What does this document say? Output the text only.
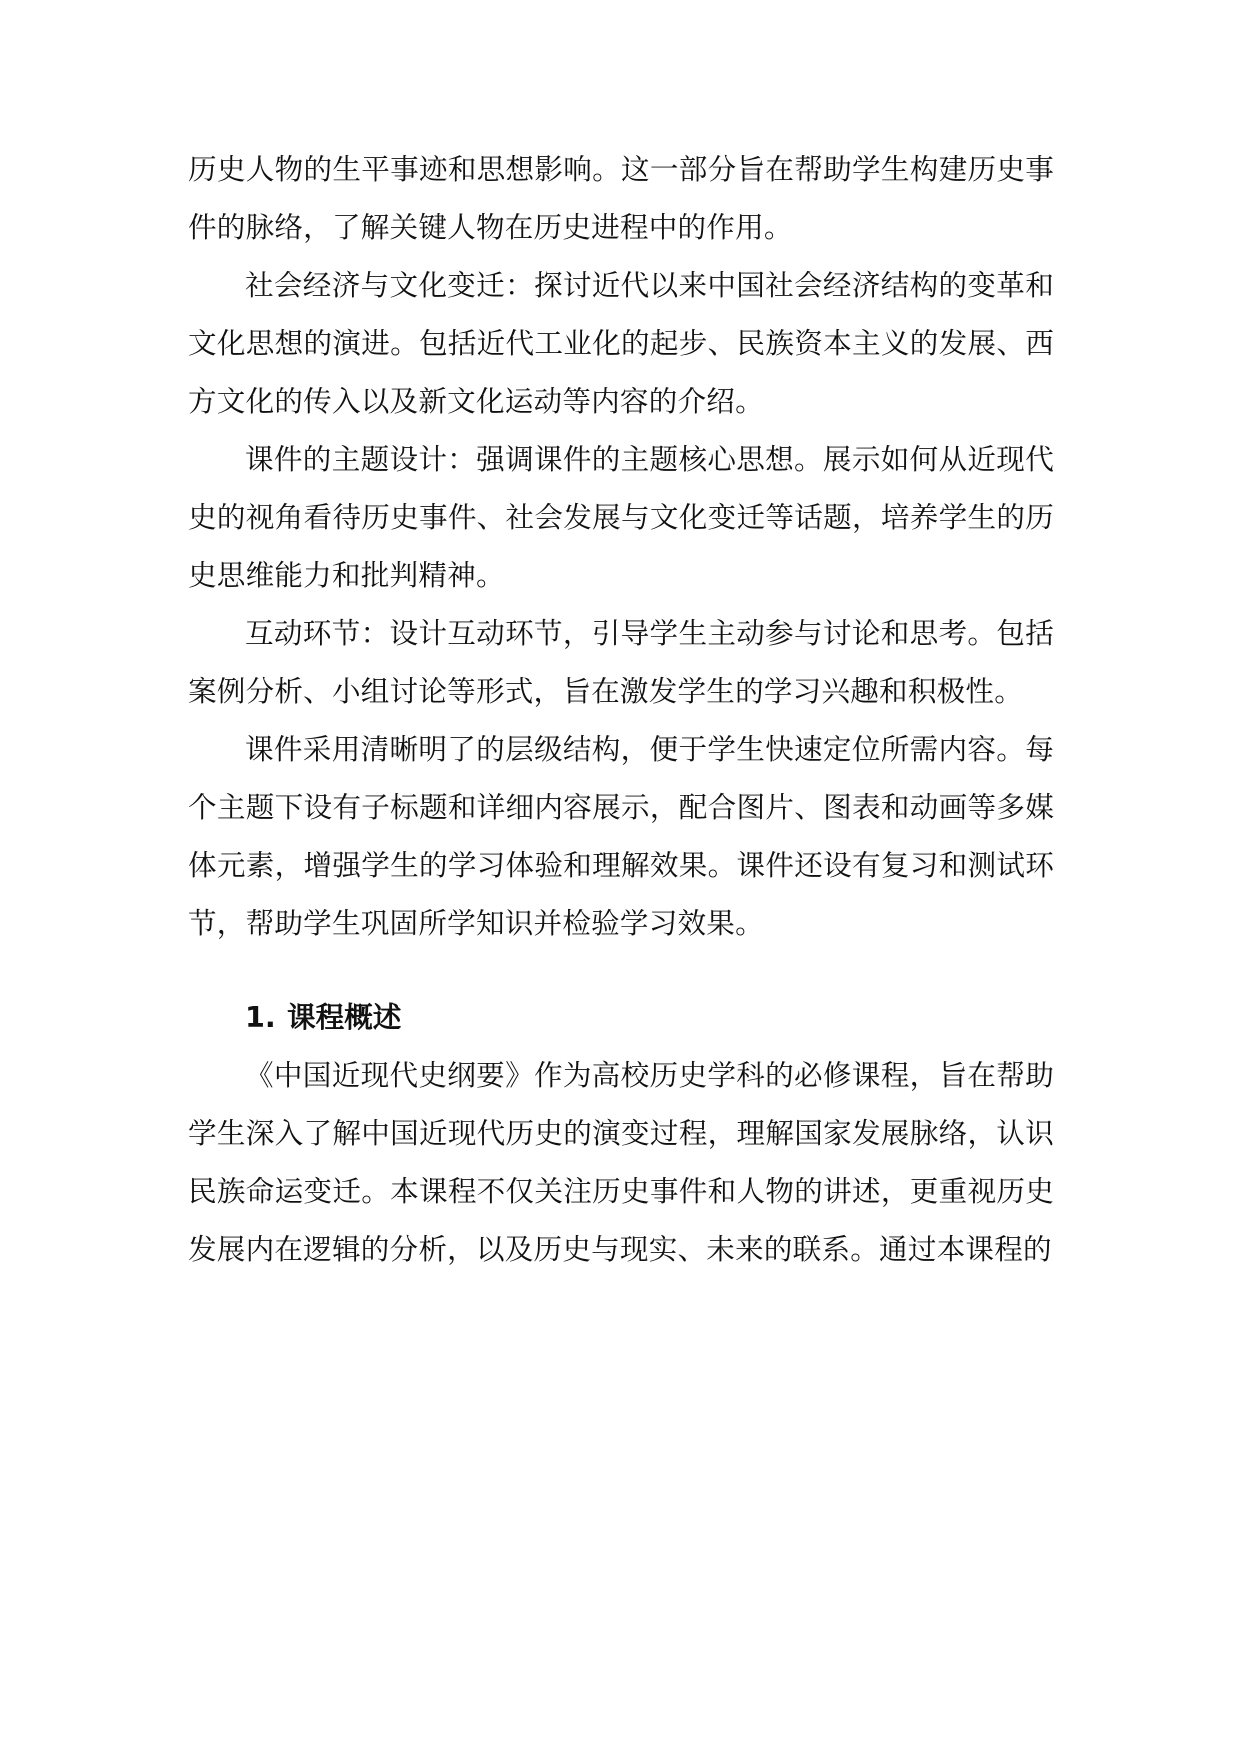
历史人物的生平事迹和思想影响。这一部分旨在帮助学生构建历史事件的脉络，了解关键人物在历史进程中的作用。

社会经济与文化变迁：探讨近代以来中国社会经济结构的变革和文化思想的演进。包括近代工业化的起步、民族资本主义的发展、西方文化的传入以及新文化运动等内容的介绍。

课件的主题设计：强调课件的主题核心思想。展示如何从近现代史的视角看待历史事件、社会发展与文化变迁等话题，培养学生的历史思维能力和批判精神。

互动环节：设计互动环节，引导学生主动参与讨论和思考。包括案例分析、小组讨论等形式，旨在激发学生的学习兴趣和积极性。

课件采用清晰明了的层级结构，便于学生快速定位所需内容。每个主题下设有子标题和详细内容展示，配合图片、图表和动画等多媒体元素，增强学生的学习体验和理解效果。课件还设有复习和测试环节，帮助学生巩固所学知识并检验学习效果。

1. 课程概述

《中国近现代史纲要》作为高校历史学科的必修课程，旨在帮助学生深入了解中国近现代历史的演变过程，理解国家发展脉络，认识民族命运变迁。本课程不仅关注历史事件和人物的讲述，更重视历史发展内在逻辑的分析，以及历史与现实、未来的联系。通过本课程的
